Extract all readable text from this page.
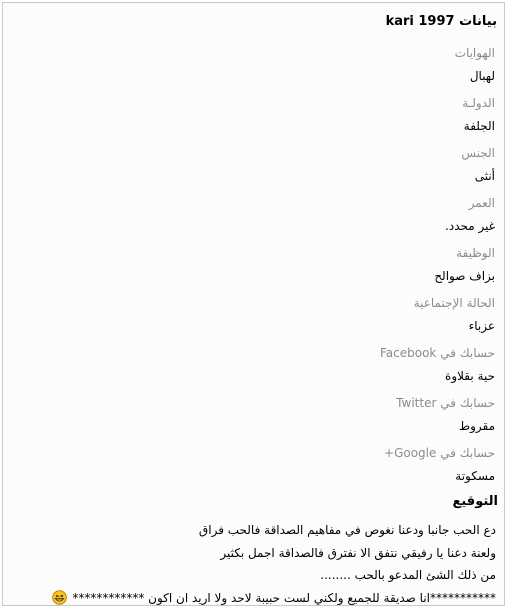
بيانات kari 1997
الهوايات
لهبال
الدولـة
الجلفة
الجنس
أنثى
العمر
غير محدد.
الوظيفة
بزاف صوالح
الحالة الإجتماعية
عزباء
حسابك في Facebook
حية بقلاوة
حسابك في Twitter
مقروط
حسابك في Google+
مسكوتة
التوقيع
دع الحب جانبا ودعنا نغوص في مفاهيم الصداقة فالحب فراق
ولعنة دعنا يا رفيقي نتفق الا نفترق فالصداقة اجمل بكثير
من ذلك الشئ المدعو بالحب ........
***********انا صديقة للجميع ولكني لست حبيبة لاحد ولا اريد ان اكون ************
